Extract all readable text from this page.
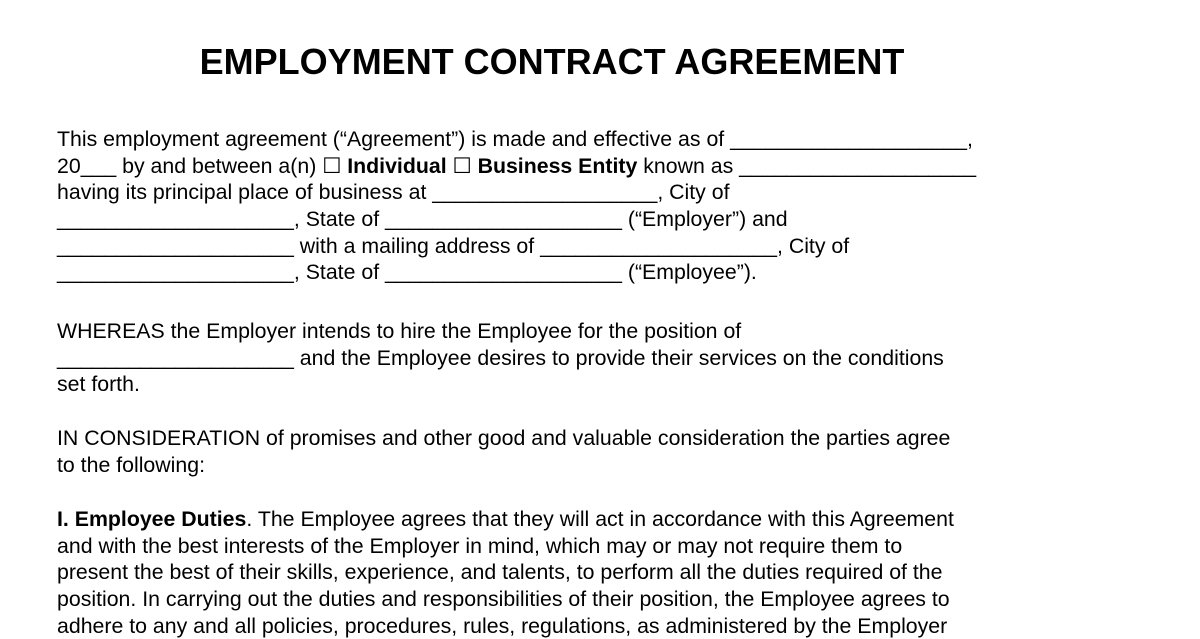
EMPLOYMENT CONTRACT AGREEMENT
This employment agreement (“Agreement”) is made and effective as of ____________________,
20___ by and between a(n) ☐ Individual ☐ Business Entity known as ____________________
having its principal place of business at ___________________, City of
____________________, State of ____________________ (“Employer”) and
____________________ with a mailing address of ____________________, City of
____________________, State of ____________________ (“Employee”).
WHEREAS the Employer intends to hire the Employee for the position of
____________________ and the Employee desires to provide their services on the conditions
set forth.
IN CONSIDERATION of promises and other good and valuable consideration the parties agree
to the following:
I. Employee Duties. The Employee agrees that they will act in accordance with this Agreement
and with the best interests of the Employer in mind, which may or may not require them to
present the best of their skills, experience, and talents, to perform all the duties required of the
position. In carrying out the duties and responsibilities of their position, the Employee agrees to
adhere to any and all policies, procedures, rules, regulations, as administered by the Employer
